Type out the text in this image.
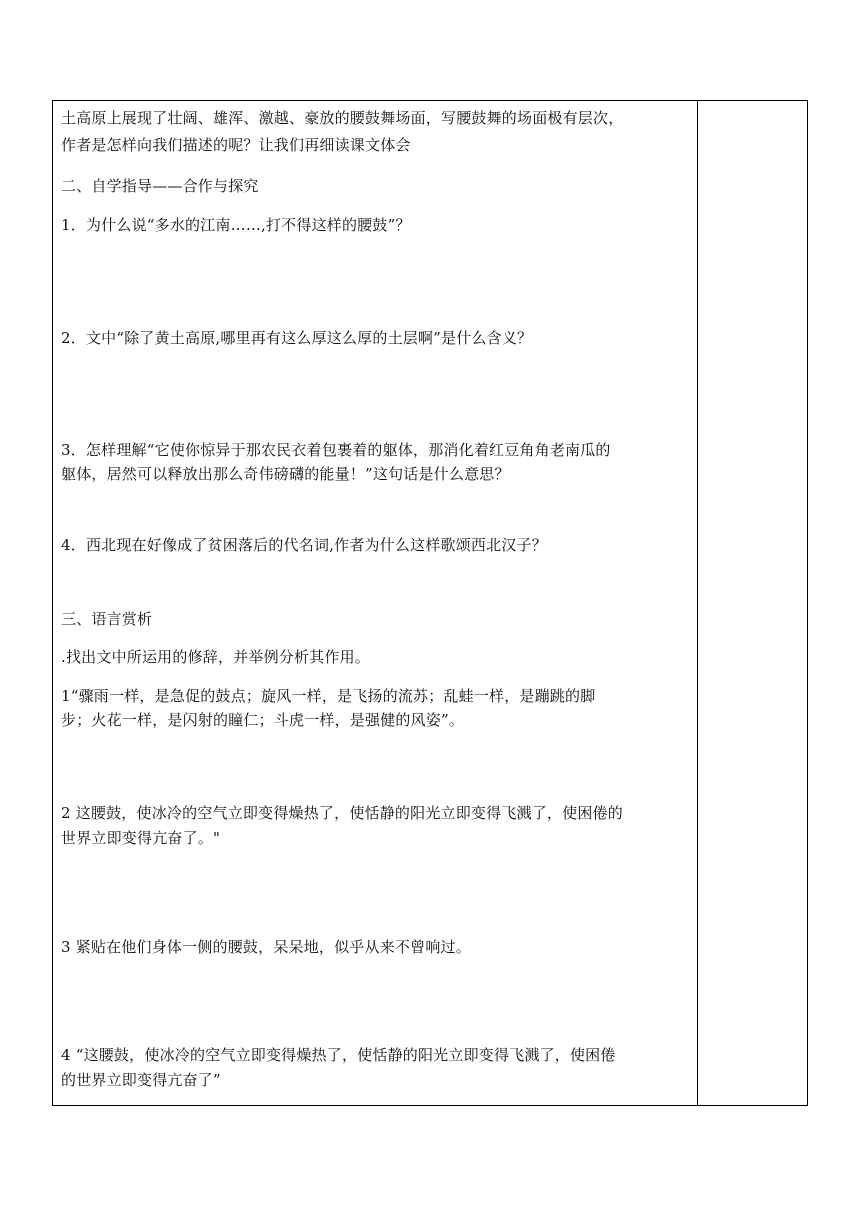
土高原上展现了壮阔、雄浑、激越、豪放的腰鼓舞场面，写腰鼓舞的场面极有层次，

作者是怎样向我们描述的呢？让我们再细读课文体会

二、自学指导——合作与探究

1．为什么说“多水的江南……,打不得这样的腰鼓”？

2．文中“除了黄土高原,哪里再有这么厚这么厚的土层啊”是什么含义？

3．怎样理解“它使你惊异于那农民衣着包裹着的躯体，那消化着红豆角角老南瓜的

躯体，居然可以释放出那么奇伟磅礴的能量！”这句话是什么意思？

4．西北现在好像成了贫困落后的代名词,作者为什么这样歌颂西北汉子？

三、语言赏析

.找出文中所运用的修辞，并举例分析其作用。

1“骤雨一样，是急促的鼓点；旋风一样，是飞扬的流苏；乱蛙一样，是蹦跳的脚

步；火花一样，是闪射的瞳仁；斗虎一样，是强健的风姿”。

2 这腰鼓，使冰冷的空气立即变得燥热了，使恬静的阳光立即变得飞溅了，使困倦的

世界立即变得亢奋了。"

3 紧贴在他们身体一侧的腰鼓，呆呆地，似乎从来不曾响过。

4 “这腰鼓，使冰冷的空气立即变得燥热了，使恬静的阳光立即变得飞溅了，使困倦

的世界立即变得亢奋了”
